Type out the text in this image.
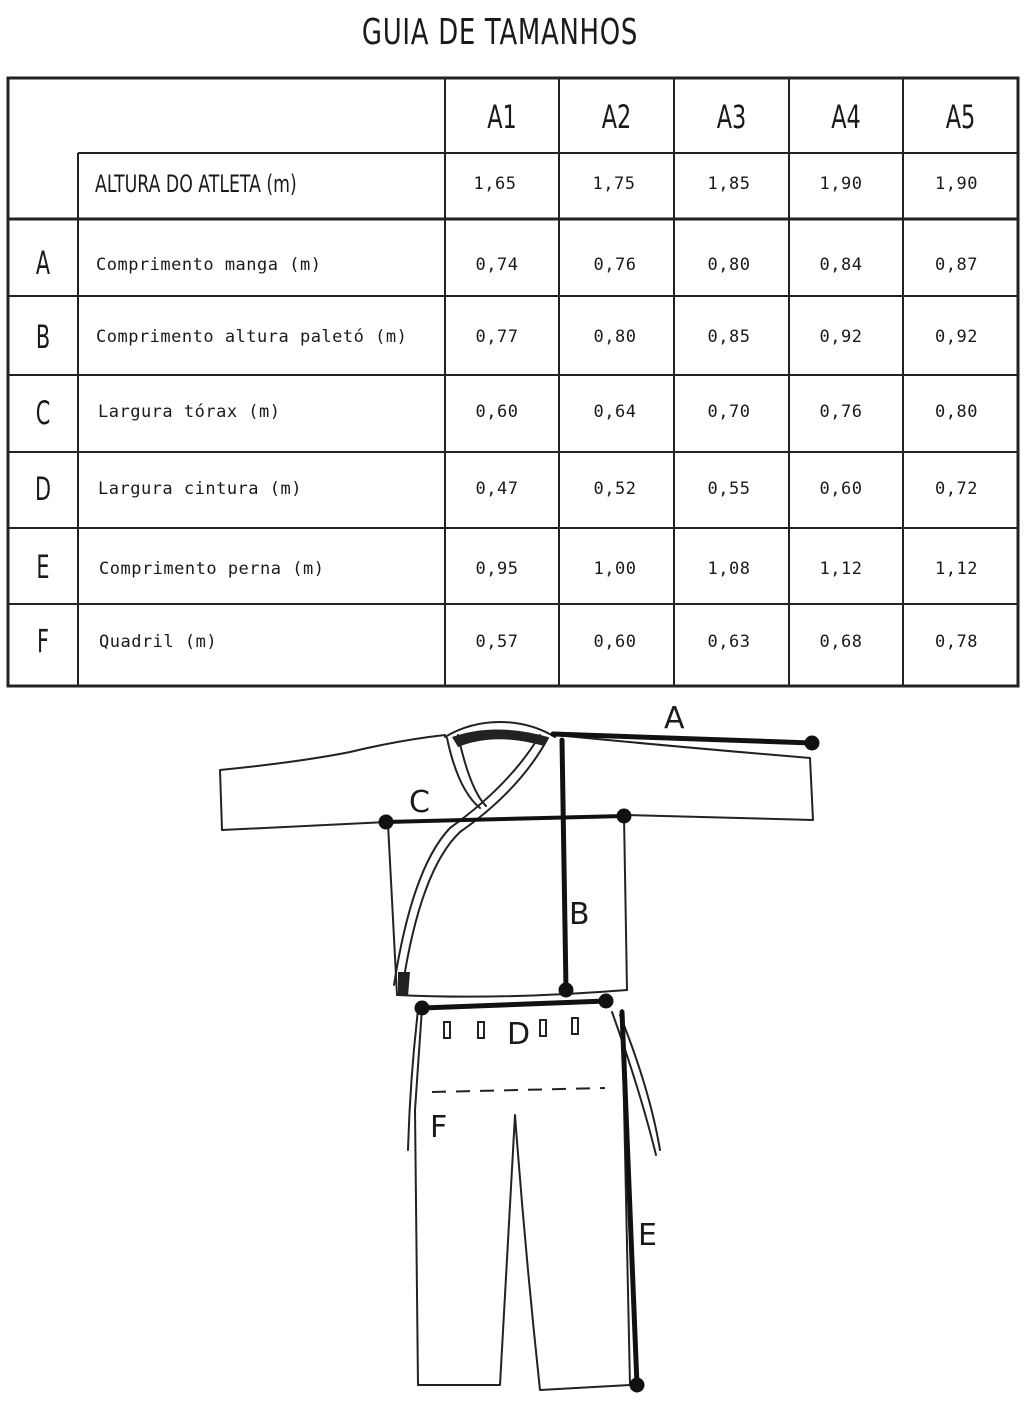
GUIA DE TAMANHOS
A1	A2	A3	A4	A5
ALTURA DO ATLETA (m)	1,65	1,75	1,85	1,90	1,90
A	Comprimento manga (m)	0,74	0,76	0,80	0,84	0,87
B	Comprimento altura paletó (m)	0,77	0,80	0,85	0,92	0,92
C	Largura tórax (m)	0,60	0,64	0,70	0,76	0,80
D	Largura cintura (m)	0,47	0,52	0,55	0,60	0,72
E	Comprimento perna (m)	0,95	1,00	1,08	1,12	1,12
F	Quadril (m)	0,57	0,60	0,63	0,68	0,78
A
B
C
D
E
F
